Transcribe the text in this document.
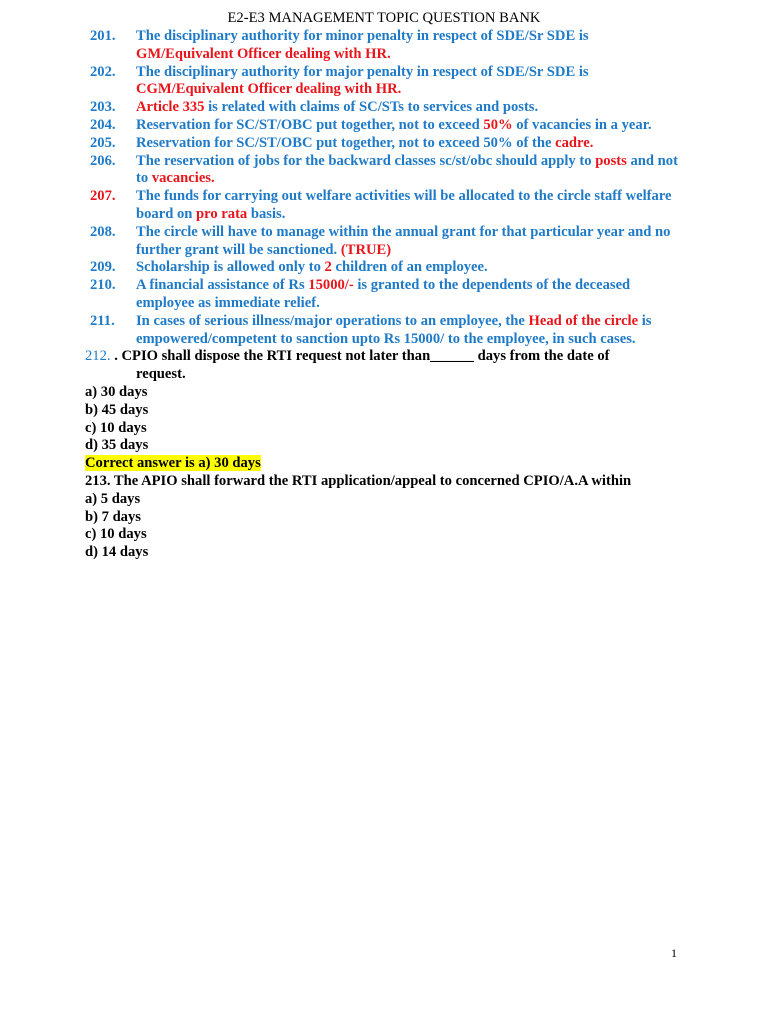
E2-E3 MANAGEMENT TOPIC QUESTION BANK
201.	The disciplinary authority for minor penalty in respect of SDE/Sr SDE is GM/Equivalent Officer dealing with HR.
202.	The disciplinary authority for major penalty in respect of SDE/Sr SDE is CGM/Equivalent Officer dealing with HR.
203.	Article 335 is related with claims of SC/STs to services and posts.
204.	Reservation for SC/ST/OBC put together, not to exceed 50% of vacancies in a year.
205.	Reservation for SC/ST/OBC put together, not to exceed 50% of the cadre.
206.	The reservation of jobs for the backward classes sc/st/obc should apply to posts and not to vacancies.
207.	The funds for carrying out welfare activities will be allocated to the circle staff welfare board on pro rata basis.
208.	The circle will have to manage within the annual grant for that particular year and no further grant will be sanctioned. (TRUE)
209.	Scholarship is allowed only to 2 children of an employee.
210.	A financial assistance of Rs 15000/- is granted to the dependents of the deceased employee as immediate relief.
211.	In cases of serious illness/major operations to an employee, the Head of the circle is empowered/competent to sanction upto Rs 15000/ to the employee, in such cases.
212. . CPIO shall dispose the RTI request not later than______ days from the date of
request.
a) 30 days
b) 45 days
c) 10 days
d) 35 days
Correct answer is a) 30 days
213. The APIO shall forward the RTI application/appeal to concerned CPIO/A.A within
a) 5 days
b) 7 days
c) 10 days
d) 14 days
1
